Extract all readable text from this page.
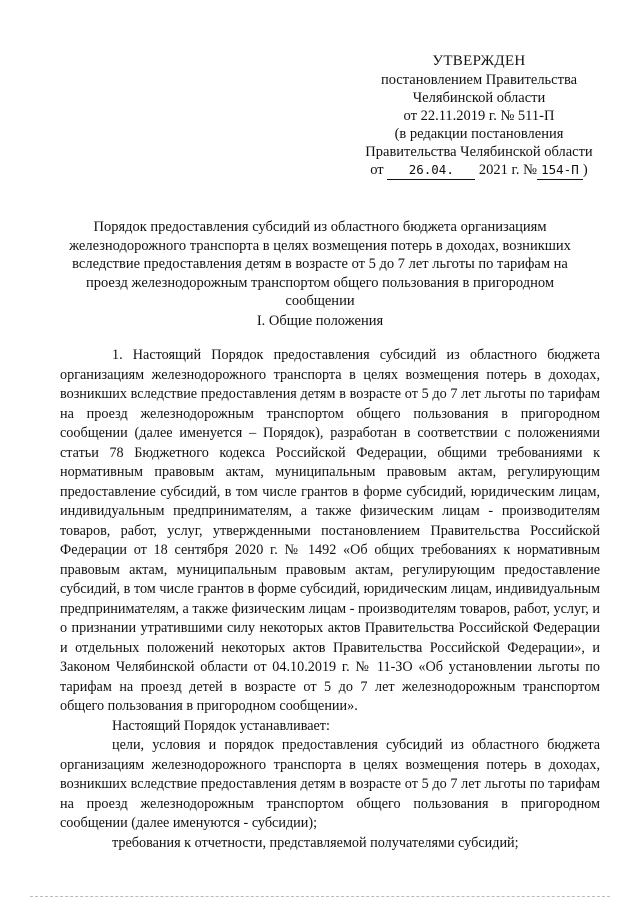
УТВЕРЖДЕН
постановлением Правительства
Челябинской области
от 22.11.2019 г. № 511-П
(в редакции постановления
Правительства Челябинской области
от 26.04. 2021 г. № 154-П )
Порядок предоставления субсидий из областного бюджета организациям железнодорожного транспорта в целях возмещения потерь в доходах, возникших вследствие предоставления детям в возрасте от 5 до 7 лет льготы по тарифам на проезд железнодорожным транспортом общего пользования в пригородном сообщении
I. Общие положения

1. Настоящий Порядок предоставления субсидий из областного бюджета организациям железнодорожного транспорта в целях возмещения потерь в доходах, возникших вследствие предоставления детям в возрасте от 5 до 7 лет льготы по тарифам на проезд железнодорожным транспортом общего пользования в пригородном сообщении (далее именуется – Порядок), разработан в соответствии с положениями статьи 78 Бюджетного кодекса Российской Федерации, общими требованиями к нормативным правовым актам, муниципальным правовым актам, регулирующим предоставление субсидий, в том числе грантов в форме субсидий, юридическим лицам, индивидуальным предпринимателям, а также физическим лицам - производителям товаров, работ, услуг, утвержденными постановлением Правительства Российской Федерации от 18 сентября 2020 г. № 1492 «Об общих требованиях к нормативным правовым актам, муниципальным правовым актам, регулирующим предоставление субсидий, в том числе грантов в форме субсидий, юридическим лицам, индивидуальным предпринимателям, а также физическим лицам - производителям товаров, работ, услуг, и о признании утратившими силу некоторых актов Правительства Российской Федерации и отдельных положений некоторых актов Правительства Российской Федерации», и Законом Челябинской области от 04.10.2019 г. № 11-ЗО «Об установлении льготы по тарифам на проезд детей в возрасте от 5 до 7 лет железнодорожным транспортом общего пользования в пригородном сообщении».

Настоящий Порядок устанавливает:

цели, условия и порядок предоставления субсидий из областного бюджета организациям железнодорожного транспорта в целях возмещения потерь в доходах, возникших вследствие предоставления детям в возрасте от 5 до 7 лет льготы по тарифам на проезд железнодорожным транспортом общего пользования в пригородном сообщении (далее именуются - субсидии);

требования к отчетности, представляемой получателями субсидий;
